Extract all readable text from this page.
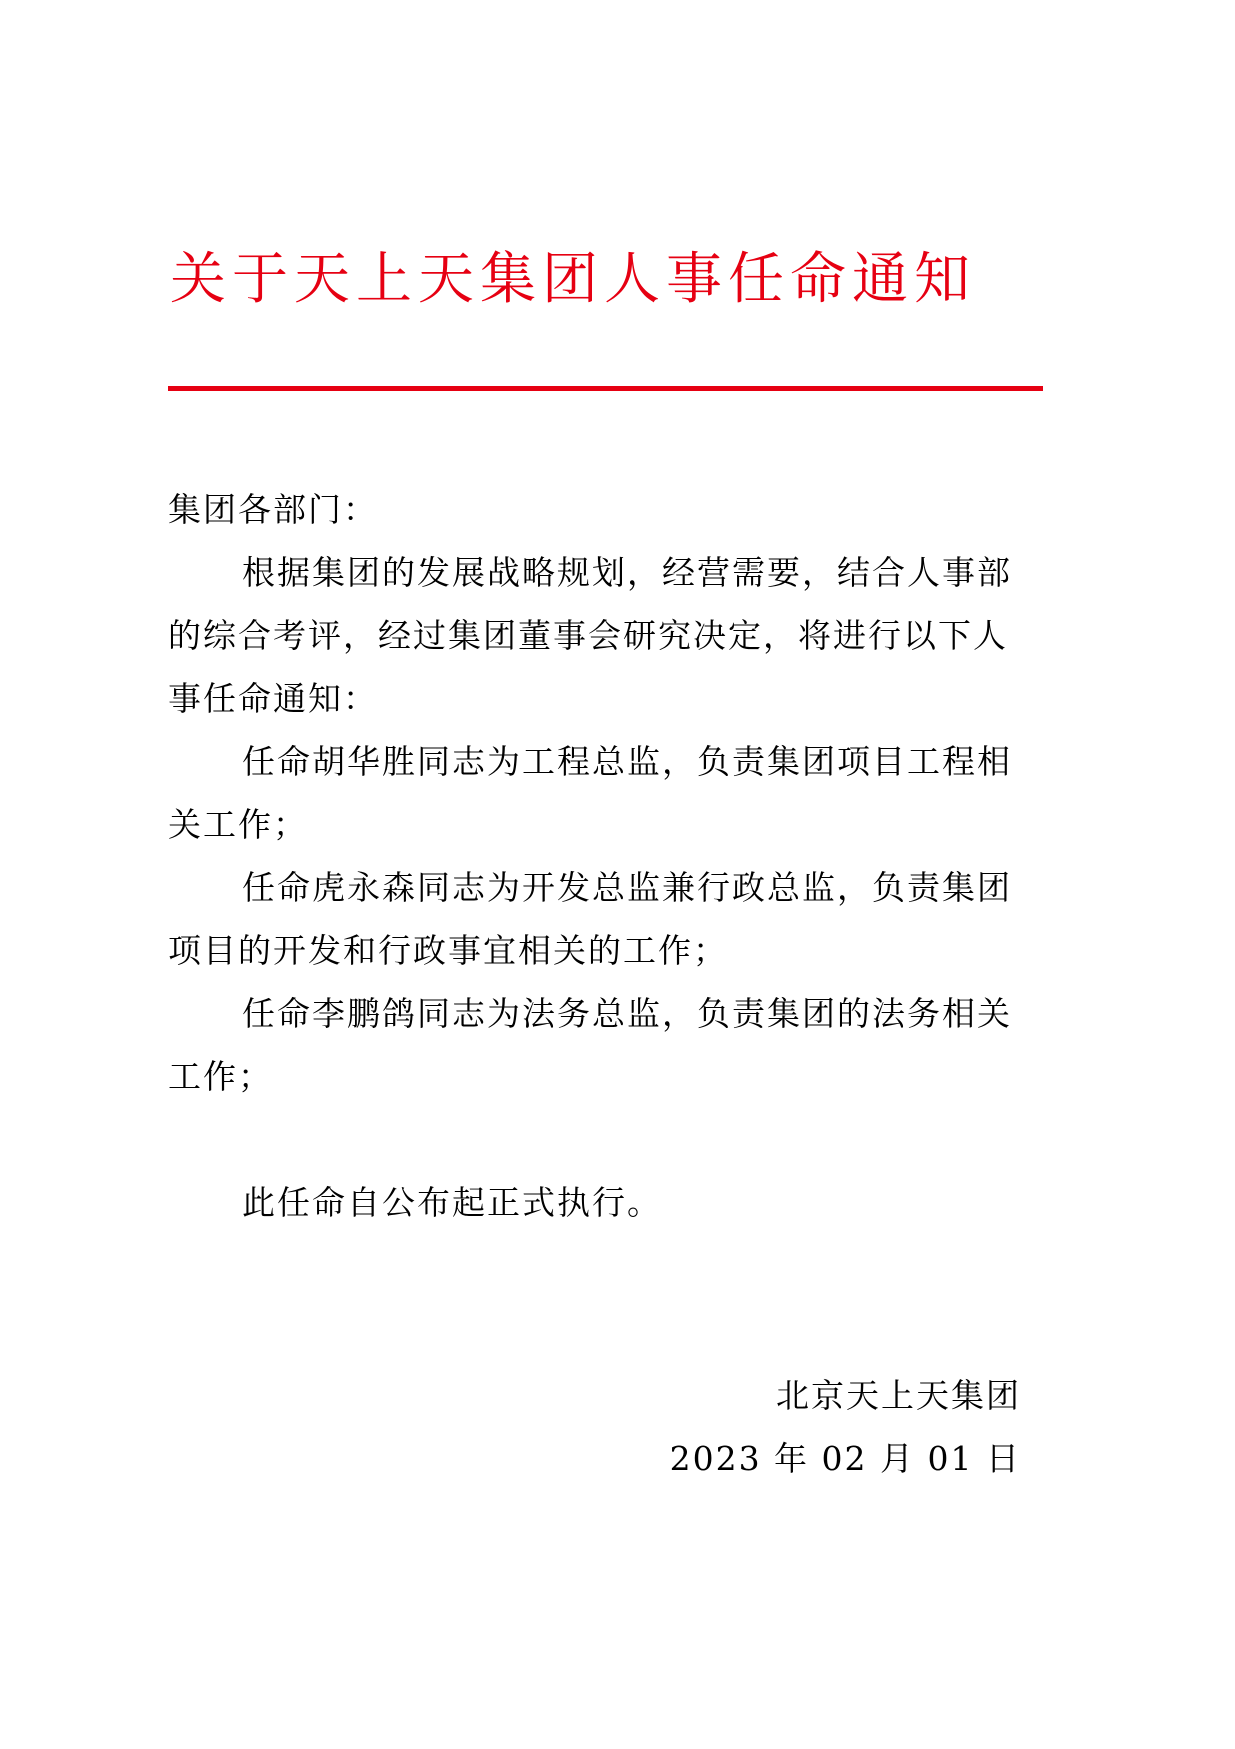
关于天上天集团人事任命通知

集团各部门：

根据集团的发展战略规划，经营需要，结合人事部的综合考评，经过集团董事会研究决定，将进行以下人事任命通知：

任命胡华胜同志为工程总监，负责集团项目工程相关工作；

任命虎永森同志为开发总监兼行政总监，负责集团项目的开发和行政事宜相关的工作；

任命李鹏鸽同志为法务总监，负责集团的法务相关工作；

此任命自公布起正式执行。

北京天上天集团

2023 年 02 月 01 日
